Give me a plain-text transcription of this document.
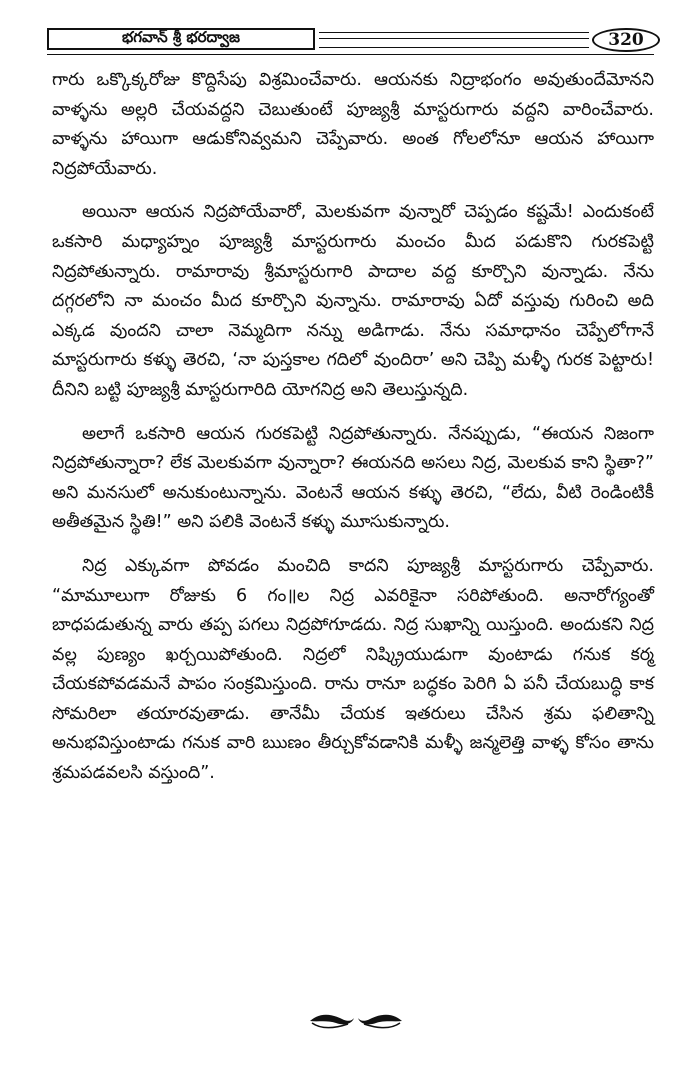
భగవాన్ శ్రీ భరద్వాజ	320

గారు ఒక్కొక్కరోజు కొద్దిసేపు విశ్రమించేవారు. ఆయనకు నిద్రాభంగం అవుతుందేమోనని వాళ్ళను అల్లరి చేయవద్దని చెబుతుంటే పూజ్యశ్రీ మాస్టరుగారు వద్దని వారించేవారు. వాళ్ళను హాయిగా ఆడుకోనివ్వమని చెప్పేవారు. అంత గోలలోనూ ఆయన హాయిగా నిద్రపోయేవారు.

అయినా ఆయన నిద్రపోయేవారో, మెలకువగా వున్నారో చెప్పడం కష్టమే! ఎందుకంటే ఒకసారి మధ్యాహ్నం పూజ్యశ్రీ మాస్టరుగారు మంచం మీద పడుకొని గురకపెట్టి నిద్రపోతున్నారు. రామారావు శ్రీమాస్టరుగారి పాదాల వద్ద కూర్చొని వున్నాడు. నేను దగ్గరలోని నా మంచం మీద కూర్చొని వున్నాను. రామారావు ఏదో వస్తువు గురించి అది ఎక్కడ వుందని చాలా నెమ్మదిగా నన్ను అడిగాడు. నేను సమాధానం చెప్పేలోగానే మాస్టరుగారు కళ్ళు తెరచి, ‘నా పుస్తకాల గదిలో వుందిరా’ అని చెప్పి మళ్ళీ గురక పెట్టారు! దీనిని బట్టి పూజ్యశ్రీ మాస్టరుగారిది యోగనిద్ర అని తెలుస్తున్నది.

అలాగే ఒకసారి ఆయన గురకపెట్టి నిద్రపోతున్నారు. నేనప్పుడు, “ఈయన నిజంగా నిద్రపోతున్నారా? లేక మెలకువగా వున్నారా? ఈయనది అసలు నిద్ర, మెలకువ కాని స్థితా?” అని మనసులో అనుకుంటున్నాను. వెంటనే ఆయన కళ్ళు తెరచి, “లేదు, వీటి రెండింటికీ అతీతమైన స్థితి!” అని పలికి వెంటనే కళ్ళు మూసుకున్నారు.

నిద్ర ఎక్కువగా పోవడం మంచిది కాదని పూజ్యశ్రీ మాస్టరుగారు చెప్పేవారు. “మామూలుగా రోజుకు 6 గం॥ల నిద్ర ఎవరికైనా సరిపోతుంది. అనారోగ్యంతో బాధపడుతున్న వారు తప్ప పగలు నిద్రపోగూడదు. నిద్ర సుఖాన్ని యిస్తుంది. అందుకని నిద్ర వల్ల పుణ్యం ఖర్చయిపోతుంది. నిద్రలో నిష్క్రియుడుగా వుంటాడు గనుక కర్మ చేయకపోవడమనే పాపం సంక్రమిస్తుంది. రాను రానూ బద్ధకం పెరిగి ఏ పనీ చేయబుద్ధి కాక సోమరిలా తయారవుతాడు. తానేమీ చేయక ఇతరులు చేసిన శ్రమ ఫలితాన్ని అనుభవిస్తుంటాడు గనుక వారి ఋణం తీర్చుకోవడానికి మళ్ళీ జన్మలెత్తి వాళ్ళ కోసం తాను శ్రమపడవలసి వస్తుంది”.
